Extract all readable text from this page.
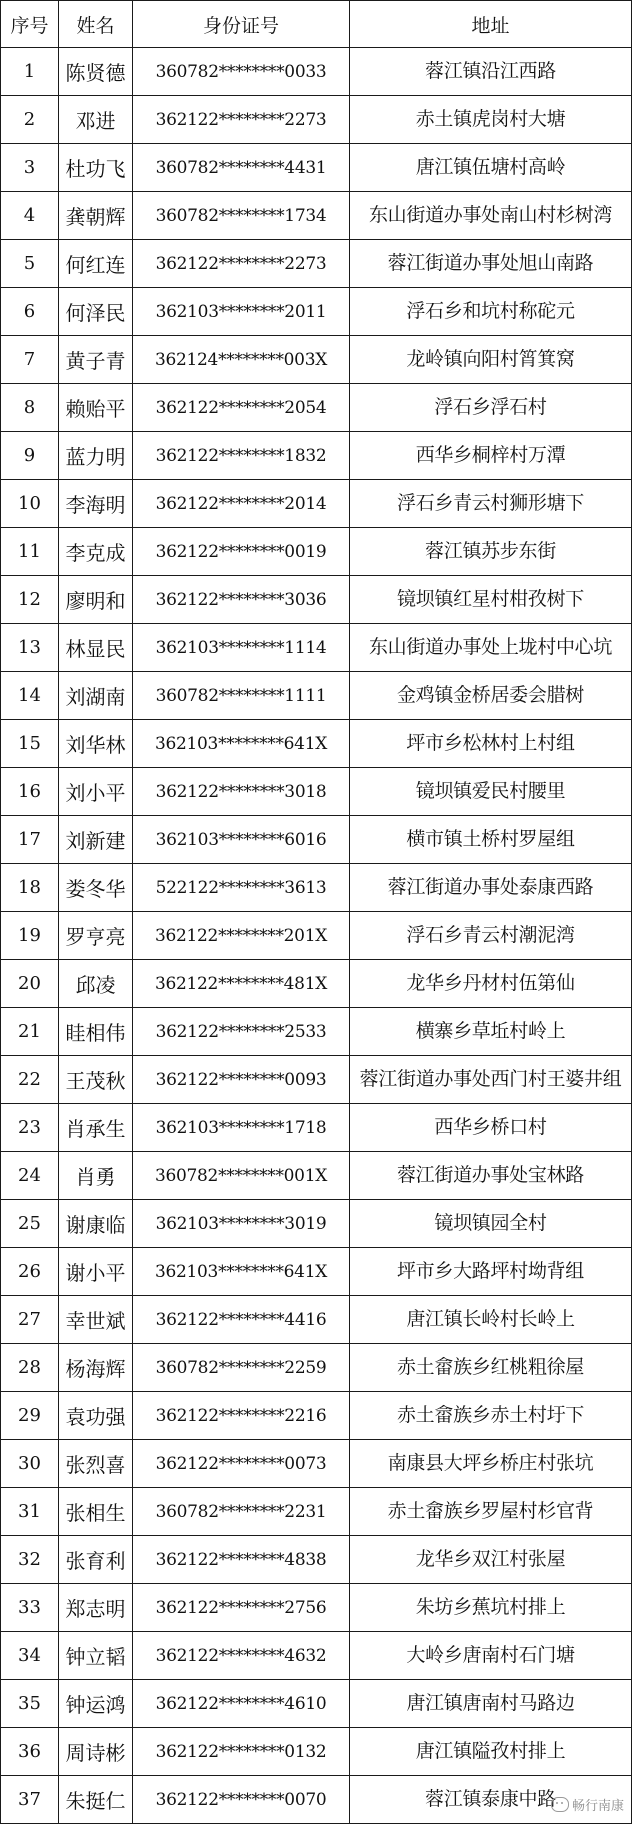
序号	姓名	身份证号	地址
1	陈贤德	360782********0033	蓉江镇沿江西路
2	邓进	362122********2273	赤土镇虎岗村大塘
3	杜功飞	360782********4431	唐江镇伍塘村高岭
4	龚朝辉	360782********1734	东山街道办事处南山村杉树湾
5	何红连	362122********2273	蓉江街道办事处旭山南路
6	何泽民	362103********2011	浮石乡和坑村称砣元
7	黄子青	362124********003X	龙岭镇向阳村筲箕窝
8	赖贻平	362122********2054	浮石乡浮石村
9	蓝力明	362122********1832	西华乡桐梓村万潭
10	李海明	362122********2014	浮石乡青云村狮形塘下
11	李克成	362122********0019	蓉江镇苏步东街
12	廖明和	362122********3036	镜坝镇红星村柑孜树下
13	林显民	362103********1114	东山街道办事处上垅村中心坑
14	刘湖南	360782********1111	金鸡镇金桥居委会腊树
15	刘华林	362103********641X	坪市乡松林村上村组
16	刘小平	362122********3018	镜坝镇爱民村腰里
17	刘新建	362103********6016	横市镇土桥村罗屋组
18	娄冬华	522122********3613	蓉江街道办事处泰康西路
19	罗亨亮	362122********201X	浮石乡青云村潮泥湾
20	邱凌	362122********481X	龙华乡丹材村伍第仙
21	眭相伟	362122********2533	横寨乡草坵村岭上
22	王茂秋	362122********0093	蓉江街道办事处西门村王婆井组
23	肖承生	362103********1718	西华乡桥口村
24	肖勇	360782********001X	蓉江街道办事处宝林路
25	谢康临	362103********3019	镜坝镇园全村
26	谢小平	362103********641X	坪市乡大路坪村坳背组
27	幸世斌	362122********4416	唐江镇长岭村长岭上
28	杨海辉	360782********2259	赤土畲族乡红桃粗徐屋
29	袁功强	362122********2216	赤土畲族乡赤土村圩下
30	张烈喜	362122********0073	南康县大坪乡桥庄村张坑
31	张相生	360782********2231	赤土畲族乡罗屋村杉官背
32	张育利	362122********4838	龙华乡双江村张屋
33	郑志明	362122********2756	朱坊乡蕉坑村排上
34	钟立韬	362122********4632	大岭乡唐南村石门塘
35	钟运鸿	362122********4610	唐江镇唐南村马路边
36	周诗彬	362122********0132	唐江镇隘孜村排上
37	朱挺仁	362122********0070	蓉江镇泰康中路 畅行南康
